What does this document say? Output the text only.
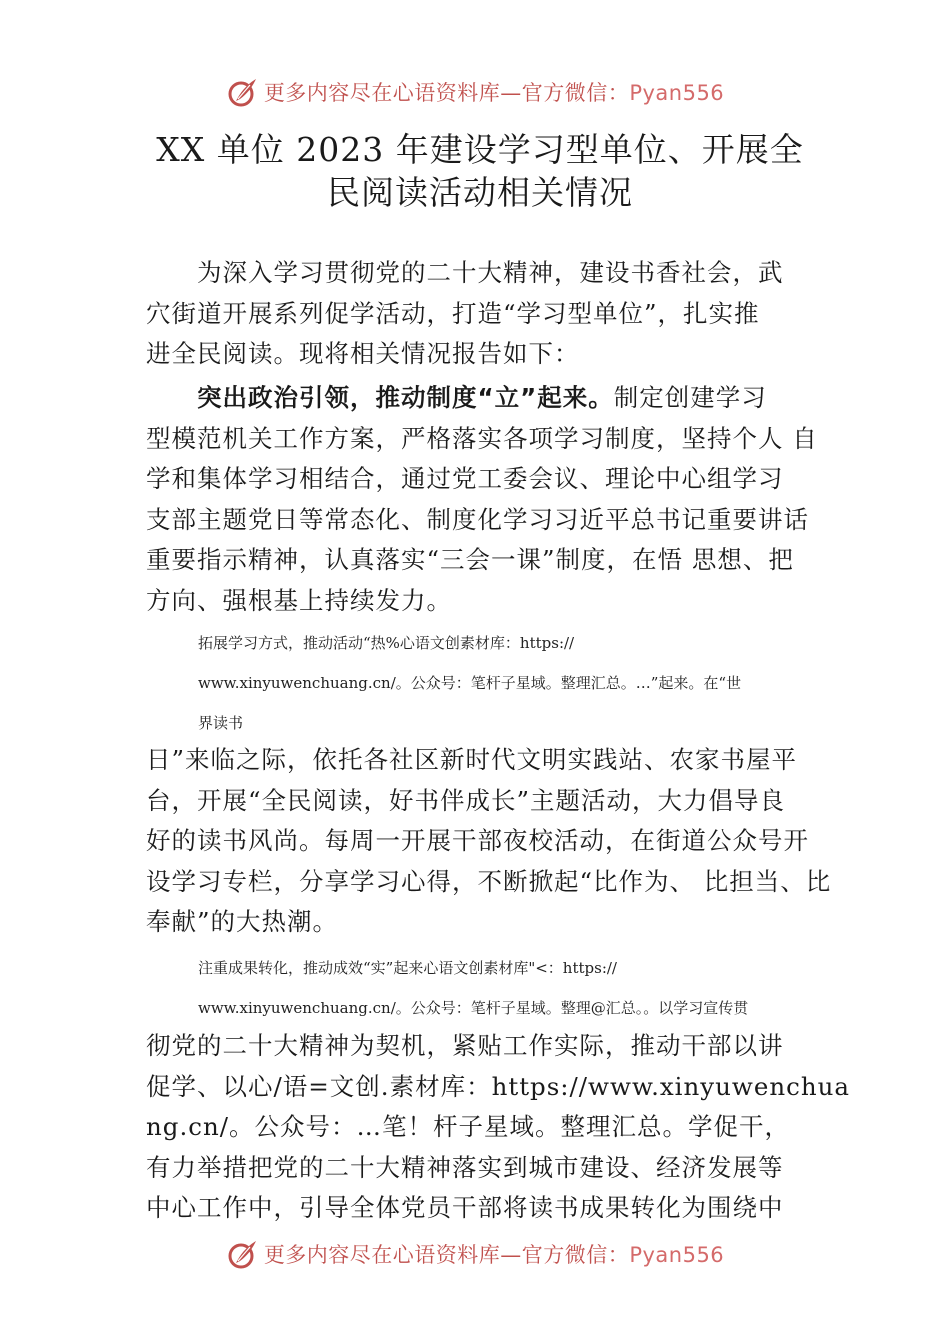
更多内容尽在心语资料库—官方微信：Pyan556
XX 单位 2023 年建设学习型单位、开展全
民阅读活动相关情况

　　为深入学习贯彻党的二十大精神，建设书香社会，武
穴街道开展系列促学活动，打造“学习型单位”，扎实推
进全民阅读。现将相关情况报告如下：

　　突出政治引领，推动制度“立”起来。制定创建学习
型模范机关工作方案，严格落实各项学习制度，坚持个人 自
学和集体学习相结合，通过党工委会议、理论中心组学习
支部主题党日等常态化、制度化学习习近平总书记重要讲话
重要指示精神，认真落实“三会一课”制度，在悟 思想、把
方向、强根基上持续发力。

拓展学习方式，推动活动“热%心语文创素材库：https://
www.xinyuwenchuang.cn/。公众号：笔杆子星域。整理汇总。…”起来。在“世
界读书

日”来临之际，依托各社区新时代文明实践站、农家书屋平
台，开展“全民阅读，好书伴成长”主题活动，大力倡导良
好的读书风尚。每周一开展干部夜校活动，在街道公众号开
设学习专栏，分享学习心得，不断掀起“比作为、 比担当、比
奉献”的大热潮。

注重成果转化，推动成效“实”起来心语文创素材库"<：https://
www.xinyuwenchuang.cn/。公众号：笔杆子星域。整理@汇总。。以学习宣传贯

彻党的二十大精神为契机，紧贴工作实际，推动干部以讲
促学、以心/语=文创.素材库：https://www.xinyuwenchua
ng.cn/。公众号：…笔！杆子星域。整理汇总。学促干，
有力举措把党的二十大精神落实到城市建设、经济发展等
中心工作中，引导全体党员干部将读书成果转化为围绕中

更多内容尽在心语资料库—官方微信：Pyan556
